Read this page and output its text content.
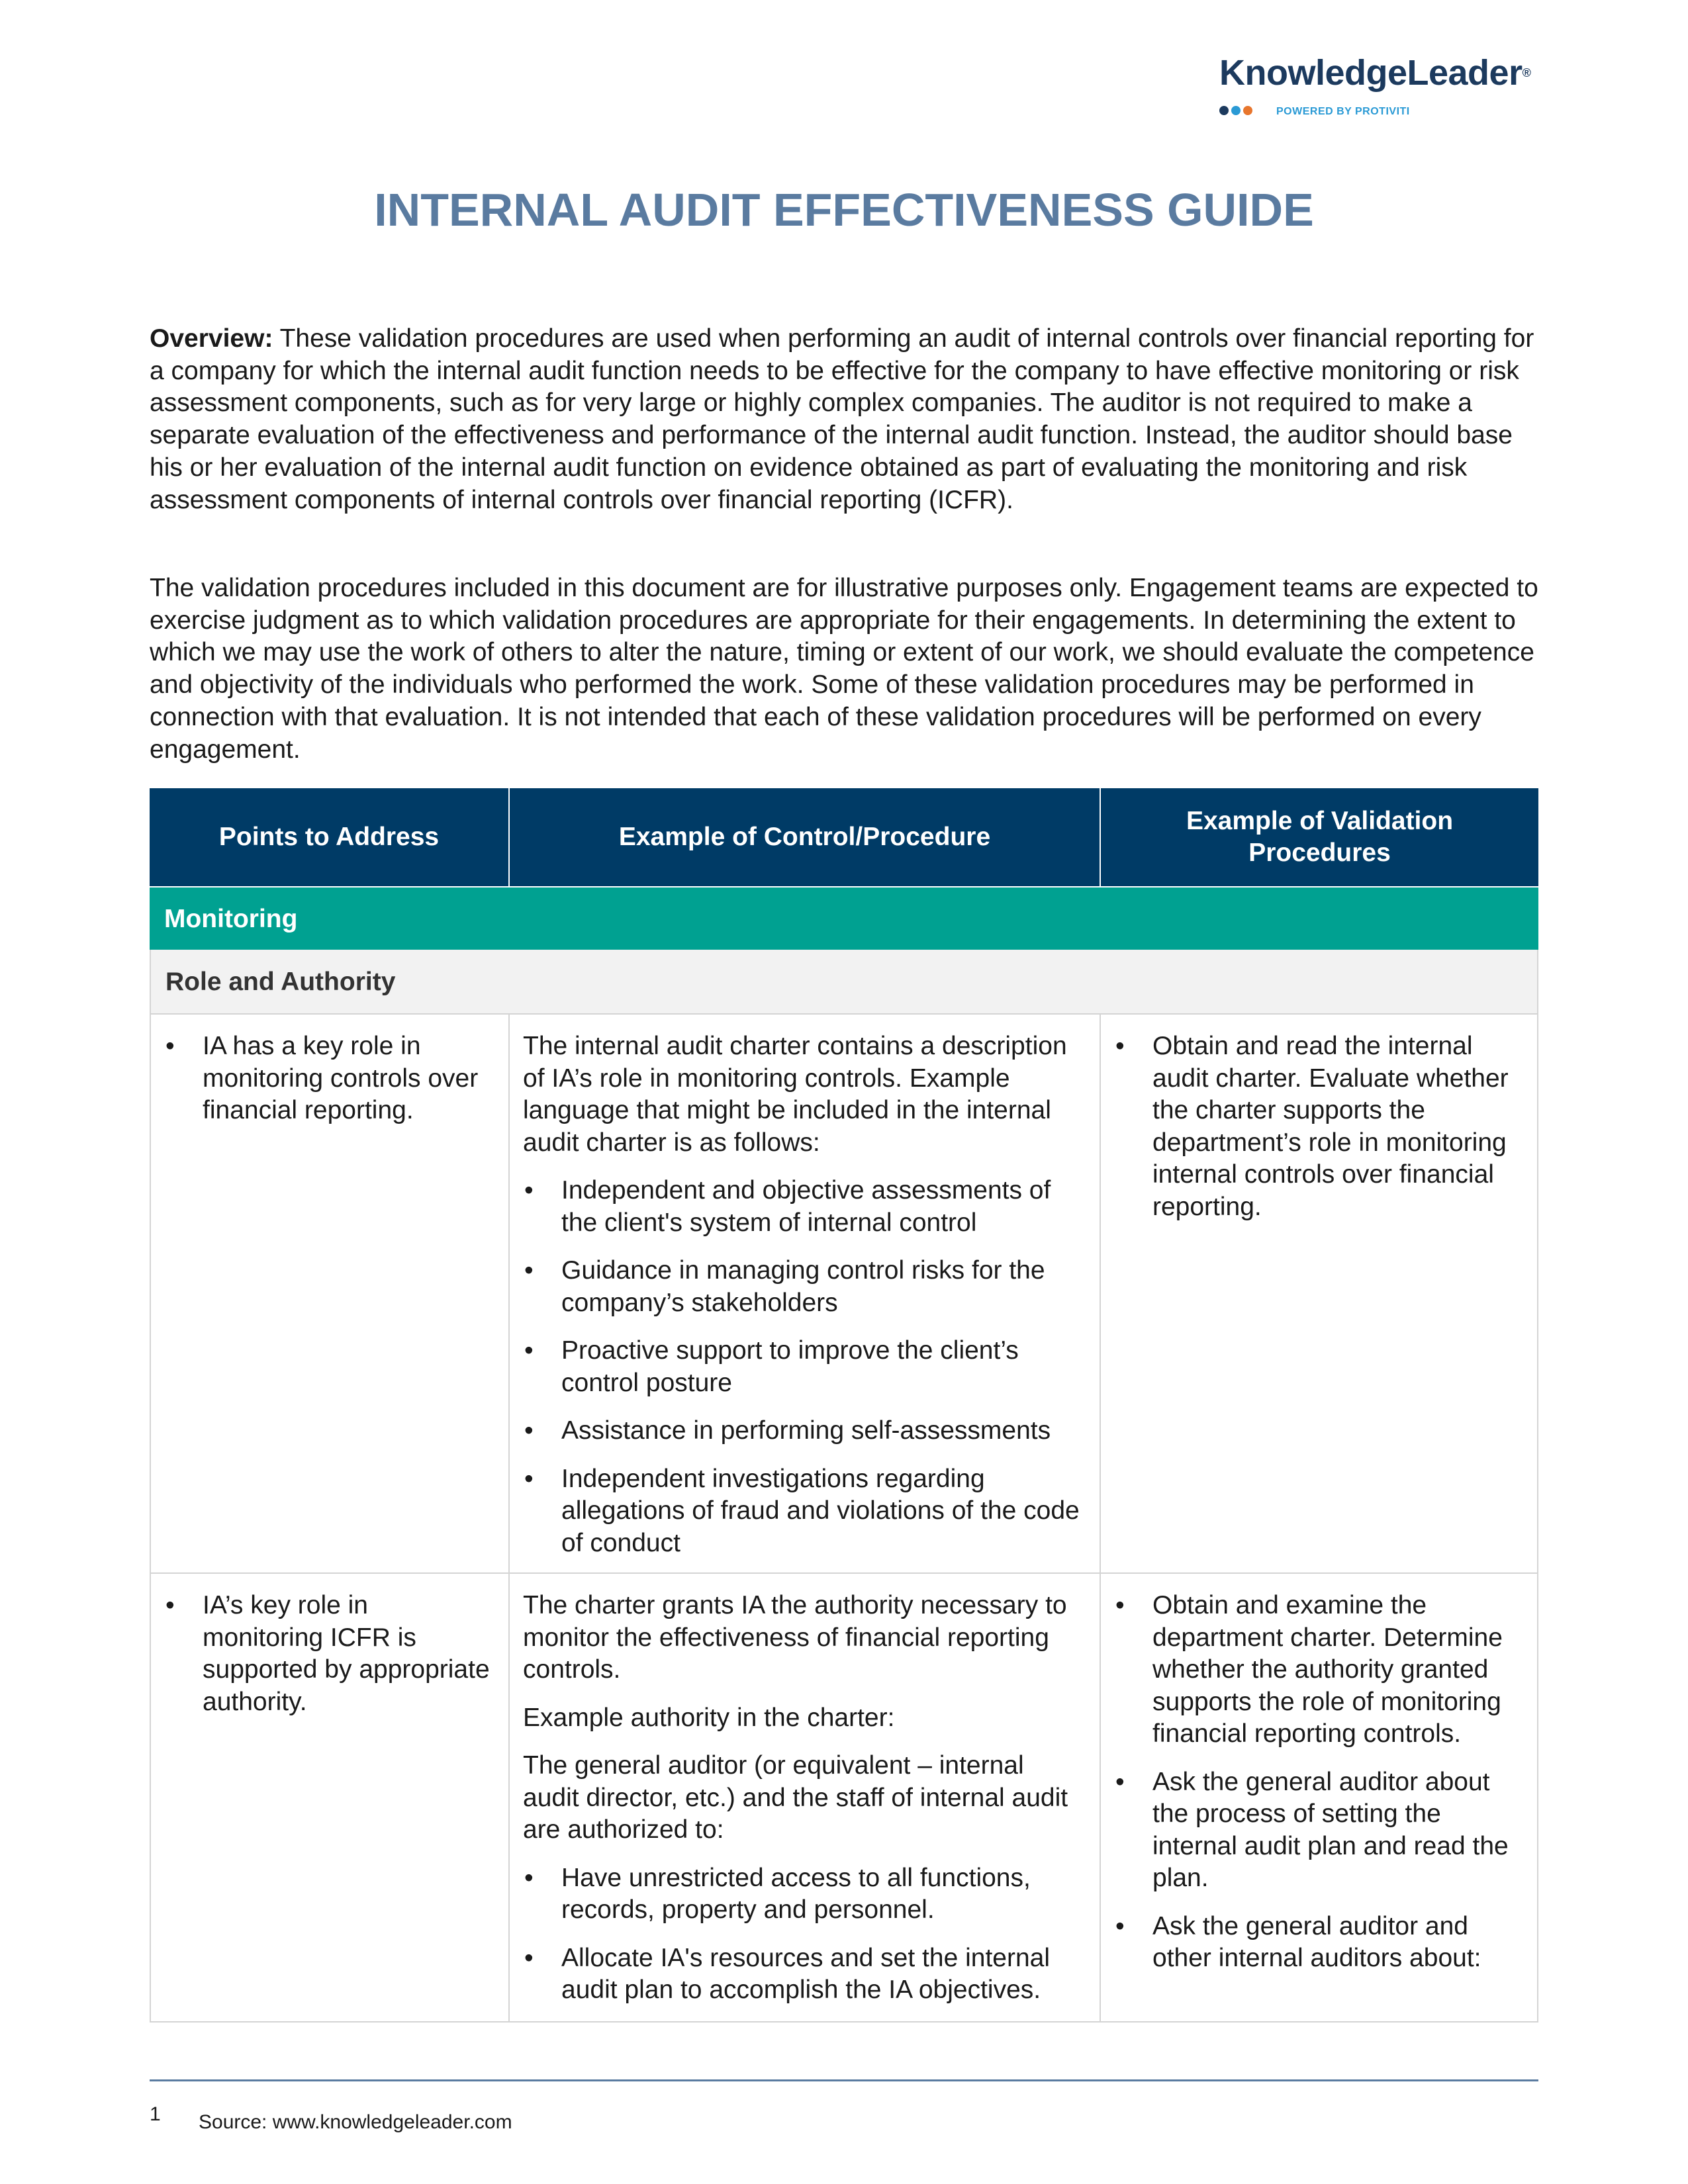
KnowledgeLeader®
POWERED BY PROTIVITI
INTERNAL AUDIT EFFECTIVENESS GUIDE

Overview: These validation procedures are used when performing an audit of internal controls over financial reporting for a company for which the internal audit function needs to be effective for the company to have effective monitoring or risk assessment components, such as for very large or highly complex companies. The auditor is not required to make a separate evaluation of the effectiveness and performance of the internal audit function. Instead, the auditor should base his or her evaluation of the internal audit function on evidence obtained as part of evaluating the monitoring and risk assessment components of internal controls over financial reporting (ICFR).

The validation procedures included in this document are for illustrative purposes only. Engagement teams are expected to exercise judgment as to which validation procedures are appropriate for their engagements. In determining the extent to which we may use the work of others to alter the nature, timing or extent of our work, we should evaluate the competence and objectivity of the individuals who performed the work. Some of these validation procedures may be performed in connection with that evaluation. It is not intended that each of these validation procedures will be performed on every engagement.

Points to Address	Example of Control/Procedure
Example of Validation Procedures
Monitoring
Role and Authority
• IA has a key role in monitoring controls over financial reporting.

The internal audit charter contains a description of IA’s role in monitoring controls. Example language that might be included in the internal audit charter is as follows:

• Independent and objective assessments of the client's system of internal control
• Guidance in managing control risks for the company’s stakeholders
• Proactive support to improve the client’s control posture
• Assistance in performing self-assessments
• Independent investigations regarding allegations of fraud and violations of the code of conduct
• Obtain and read the internal audit charter. Evaluate whether the charter supports the department’s role in monitoring internal controls over financial reporting.
• IA’s key role in monitoring ICFR is supported by appropriate authority.

The charter grants IA the authority necessary to monitor the effectiveness of financial reporting controls.

Example authority in the charter:

The general auditor (or equivalent – internal audit director, etc.) and the staff of internal audit are authorized to:

• Have unrestricted access to all functions, records, property and personnel.
• Allocate IA's resources and set the internal audit plan to accomplish the IA objectives.
• Obtain and examine the department charter. Determine whether the authority granted supports the role of monitoring financial reporting controls.
• Ask the general auditor about the process of setting the internal audit plan and read the plan.
• Ask the general auditor and other internal auditors about:
1 Source: www.knowledgeleader.com
